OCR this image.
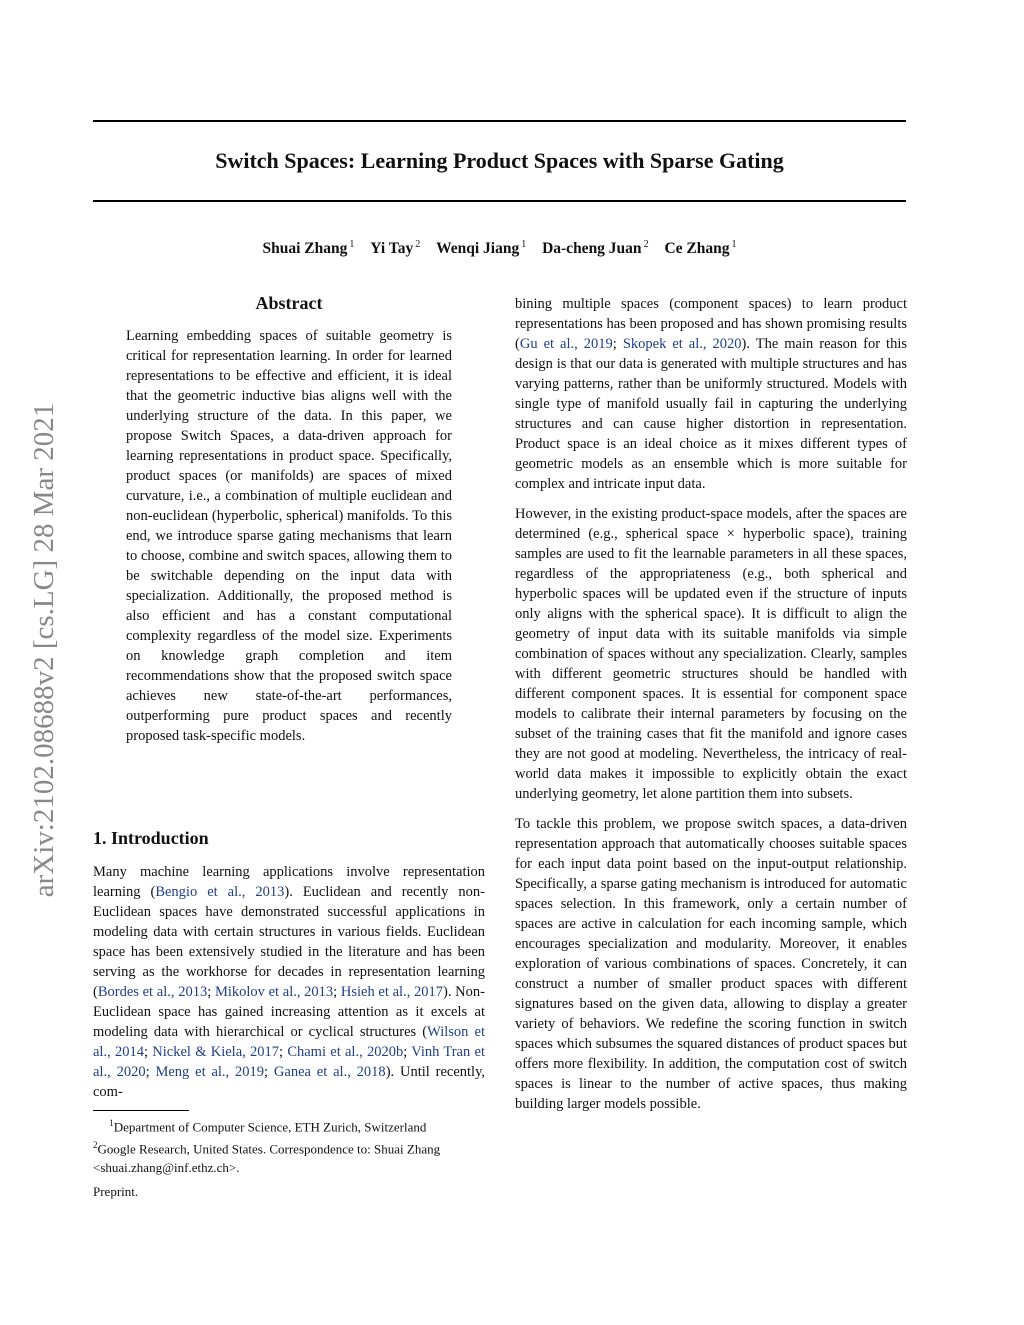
Switch Spaces: Learning Product Spaces with Sparse Gating
Shuai Zhang $^1$ Yi Tay $^2$ Wenqi Jiang $^1$ Da-cheng Juan $^2$ Ce Zhang $^1$
arXiv:2102.08688v2 [cs.LG] 28 Mar 2021
Abstract

Learning embedding spaces of suitable geometry is critical for representation learning. In order for learned representations to be effective and efficient, it is ideal that the geometric inductive bias aligns well with the underlying structure of the data. In this paper, we propose Switch Spaces, a data-driven approach for learning representations in product space. Specifically, product spaces (or manifolds) are spaces of mixed curvature, i.e., a combination of multiple euclidean and non-euclidean (hyperbolic, spherical) manifolds. To this end, we introduce sparse gating mechanisms that learn to choose, combine and switch spaces, allowing them to be switchable depending on the input data with specialization. Additionally, the proposed method is also efficient and has a constant computational complexity regardless of the model size. Experiments on knowledge graph completion and item recommendations show that the proposed switch space achieves new state-of-the-art performances, outperforming pure product spaces and recently proposed task-specific models.

1. Introduction

Many machine learning applications involve representation learning (Bengio et al., 2013). Euclidean and recently non-Euclidean spaces have demonstrated successful applications in modeling data with certain structures in various fields. Euclidean space has been extensively studied in the literature and has been serving as the workhorse for decades in representation learning (Bordes et al., 2013; Mikolov et al., 2013; Hsieh et al., 2017). Non-Euclidean space has gained increasing attention as it excels at modeling data with hierarchical or cyclical structures (Wilson et al., 2014; Nickel & Kiela, 2017; Chami et al., 2020b; Vinh Tran et al., 2020; Meng et al., 2019; Ganea et al., 2018). Until recently, com-

$^1$Department of Computer Science, ETH Zurich, Switzerland
$^2$Google Research, United States. Correspondence to: Shuai Zhang
<shuai.zhang@inf.ethz.ch>.
Preprint.

bining multiple spaces (component spaces) to learn product representations has been proposed and has shown promising results (Gu et al., 2019; Skopek et al., 2020). The main reason for this design is that our data is generated with multiple structures and has varying patterns, rather than be uniformly structured. Models with single type of manifold usually fail in capturing the underlying structures and can cause higher distortion in representation. Product space is an ideal choice as it mixes different types of geometric models as an ensemble which is more suitable for complex and intricate input data.

However, in the existing product-space models, after the spaces are determined (e.g., spherical space × hyperbolic space), training samples are used to fit the learnable parameters in all these spaces, regardless of the appropriateness (e.g., both spherical and hyperbolic spaces will be updated even if the structure of inputs only aligns with the spherical space). It is difficult to align the geometry of input data with its suitable manifolds via simple combination of spaces without any specialization. Clearly, samples with different geometric structures should be handled with different component spaces. It is essential for component space models to calibrate their internal parameters by focusing on the subset of the training cases that fit the manifold and ignore cases they are not good at modeling. Nevertheless, the intricacy of real-world data makes it impossible to explicitly obtain the exact underlying geometry, let alone partition them into subsets.

To tackle this problem, we propose switch spaces, a data-driven representation approach that automatically chooses suitable spaces for each input data point based on the input-output relationship. Specifically, a sparse gating mechanism is introduced for automatic spaces selection. In this framework, only a certain number of spaces are active in calculation for each incoming sample, which encourages specialization and modularity. Moreover, it enables exploration of various combinations of spaces. Concretely, it can construct a number of smaller product spaces with different signatures based on the given data, allowing to display a greater variety of behaviors. We redefine the scoring function in switch spaces which subsumes the squared distances of product spaces but offers more flexibility. In addition, the computation cost of switch spaces is linear to the number of active spaces, thus making building larger models possible.
